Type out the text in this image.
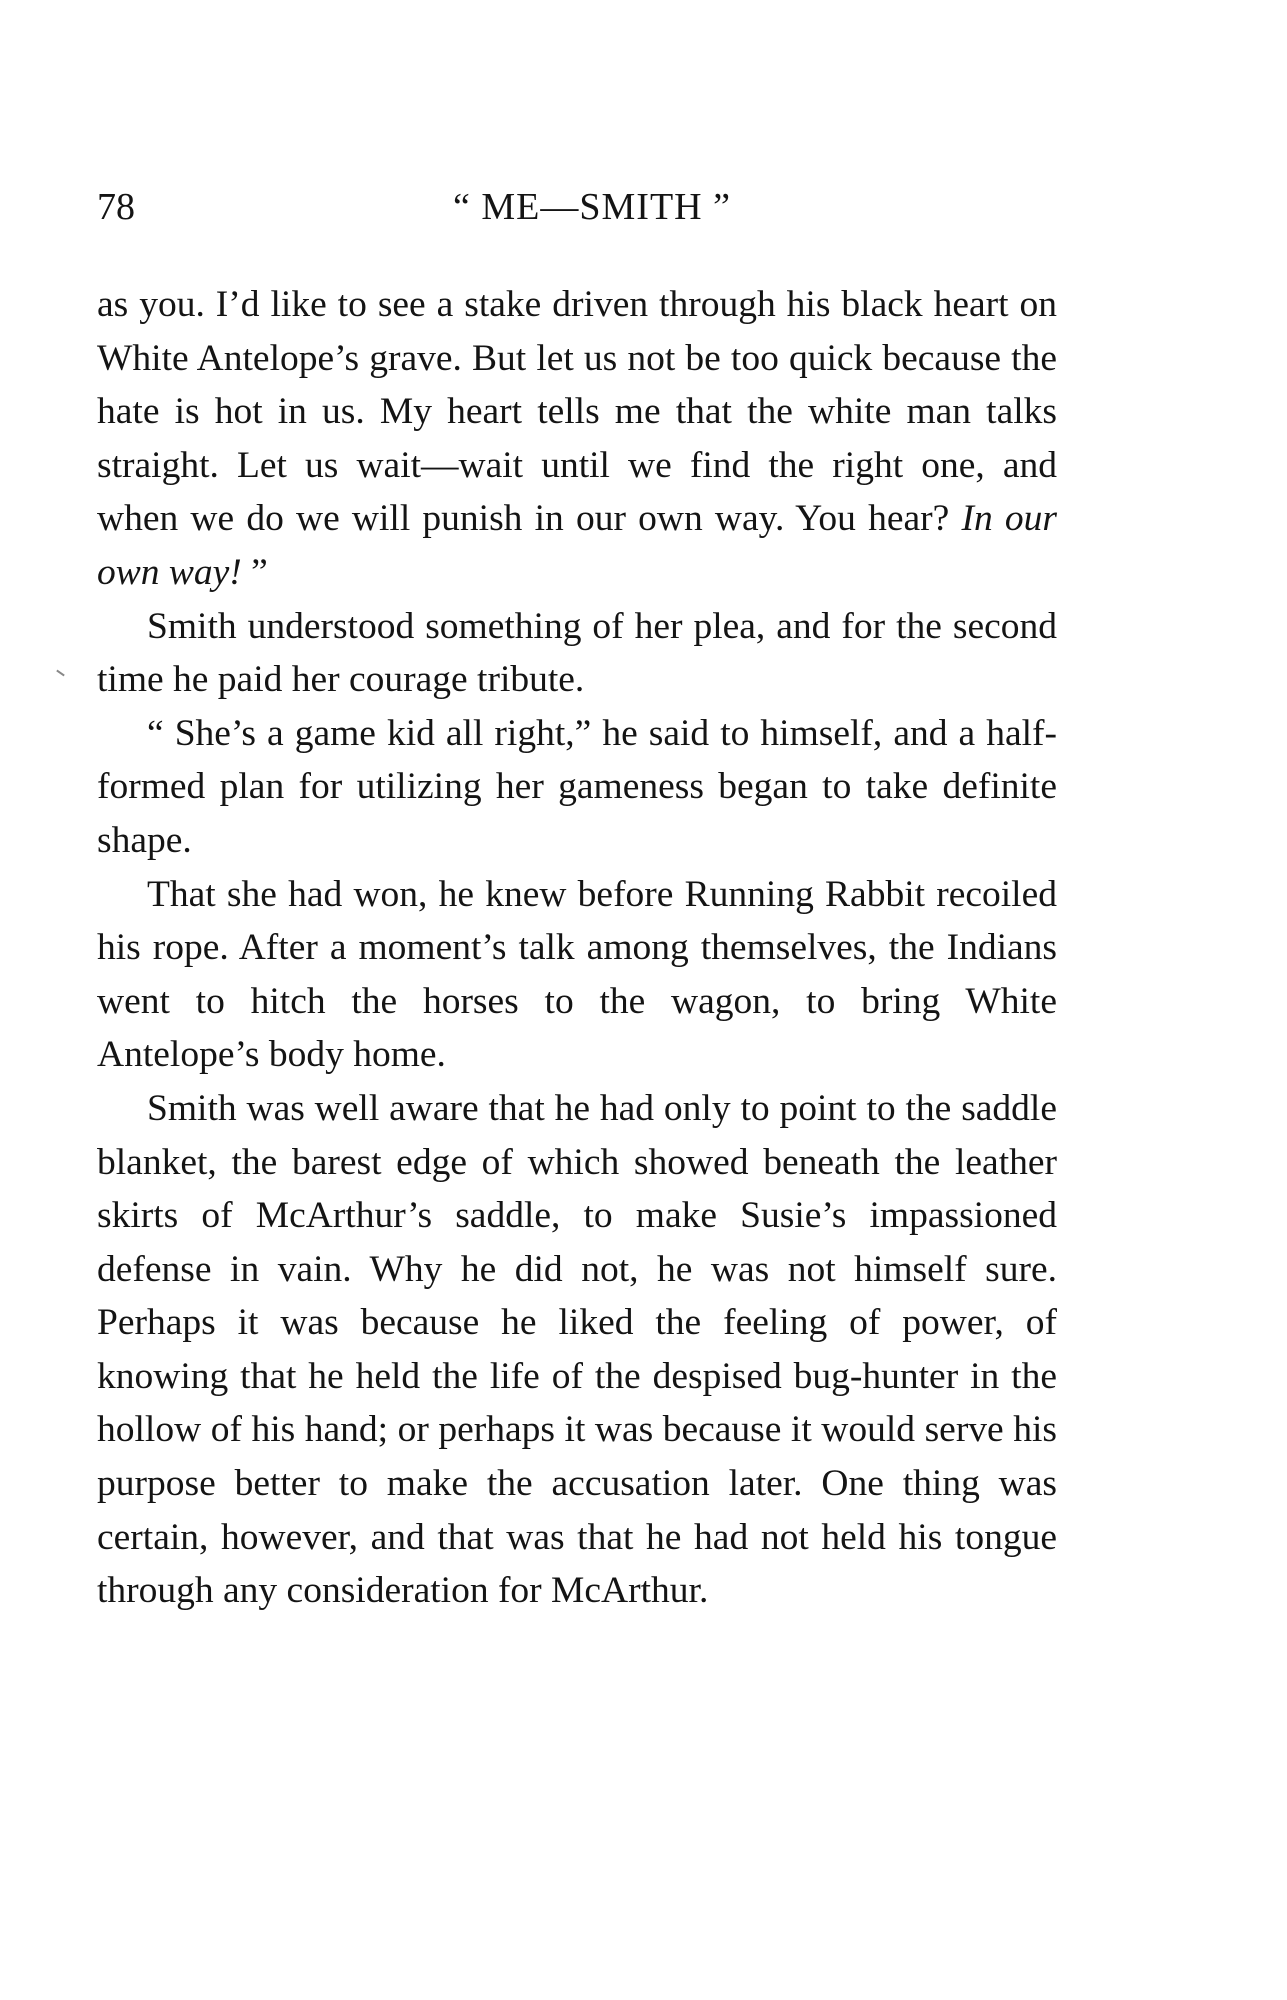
78	“ ME—SMITH ”

as you. I’d like to see a stake driven through his black heart on White Antelope’s grave. But let us not be too quick because the hate is hot in us. My heart tells me that the white man talks straight. Let us wait—wait until we find the right one, and when we do we will punish in our own way. You hear? In our own way! ”

Smith understood something of her plea, and for the second time he paid her courage tribute.

“ She’s a game kid all right,” he said to himself, and a half-formed plan for utilizing her gameness began to take definite shape.

That she had won, he knew before Running Rabbit recoiled his rope. After a moment’s talk among themselves, the Indians went to hitch the horses to the wagon, to bring White Antelope’s body home.

Smith was well aware that he had only to point to the saddle blanket, the barest edge of which showed beneath the leather skirts of McArthur’s saddle, to make Susie’s impassioned defense in vain. Why he did not, he was not himself sure. Perhaps it was because he liked the feeling of power, of knowing that he held the life of the despised bug-hunter in the hollow of his hand; or perhaps it was because it would serve his purpose better to make the accusation later. One thing was certain, however, and that was that he had not held his tongue through any consideration for McArthur.
